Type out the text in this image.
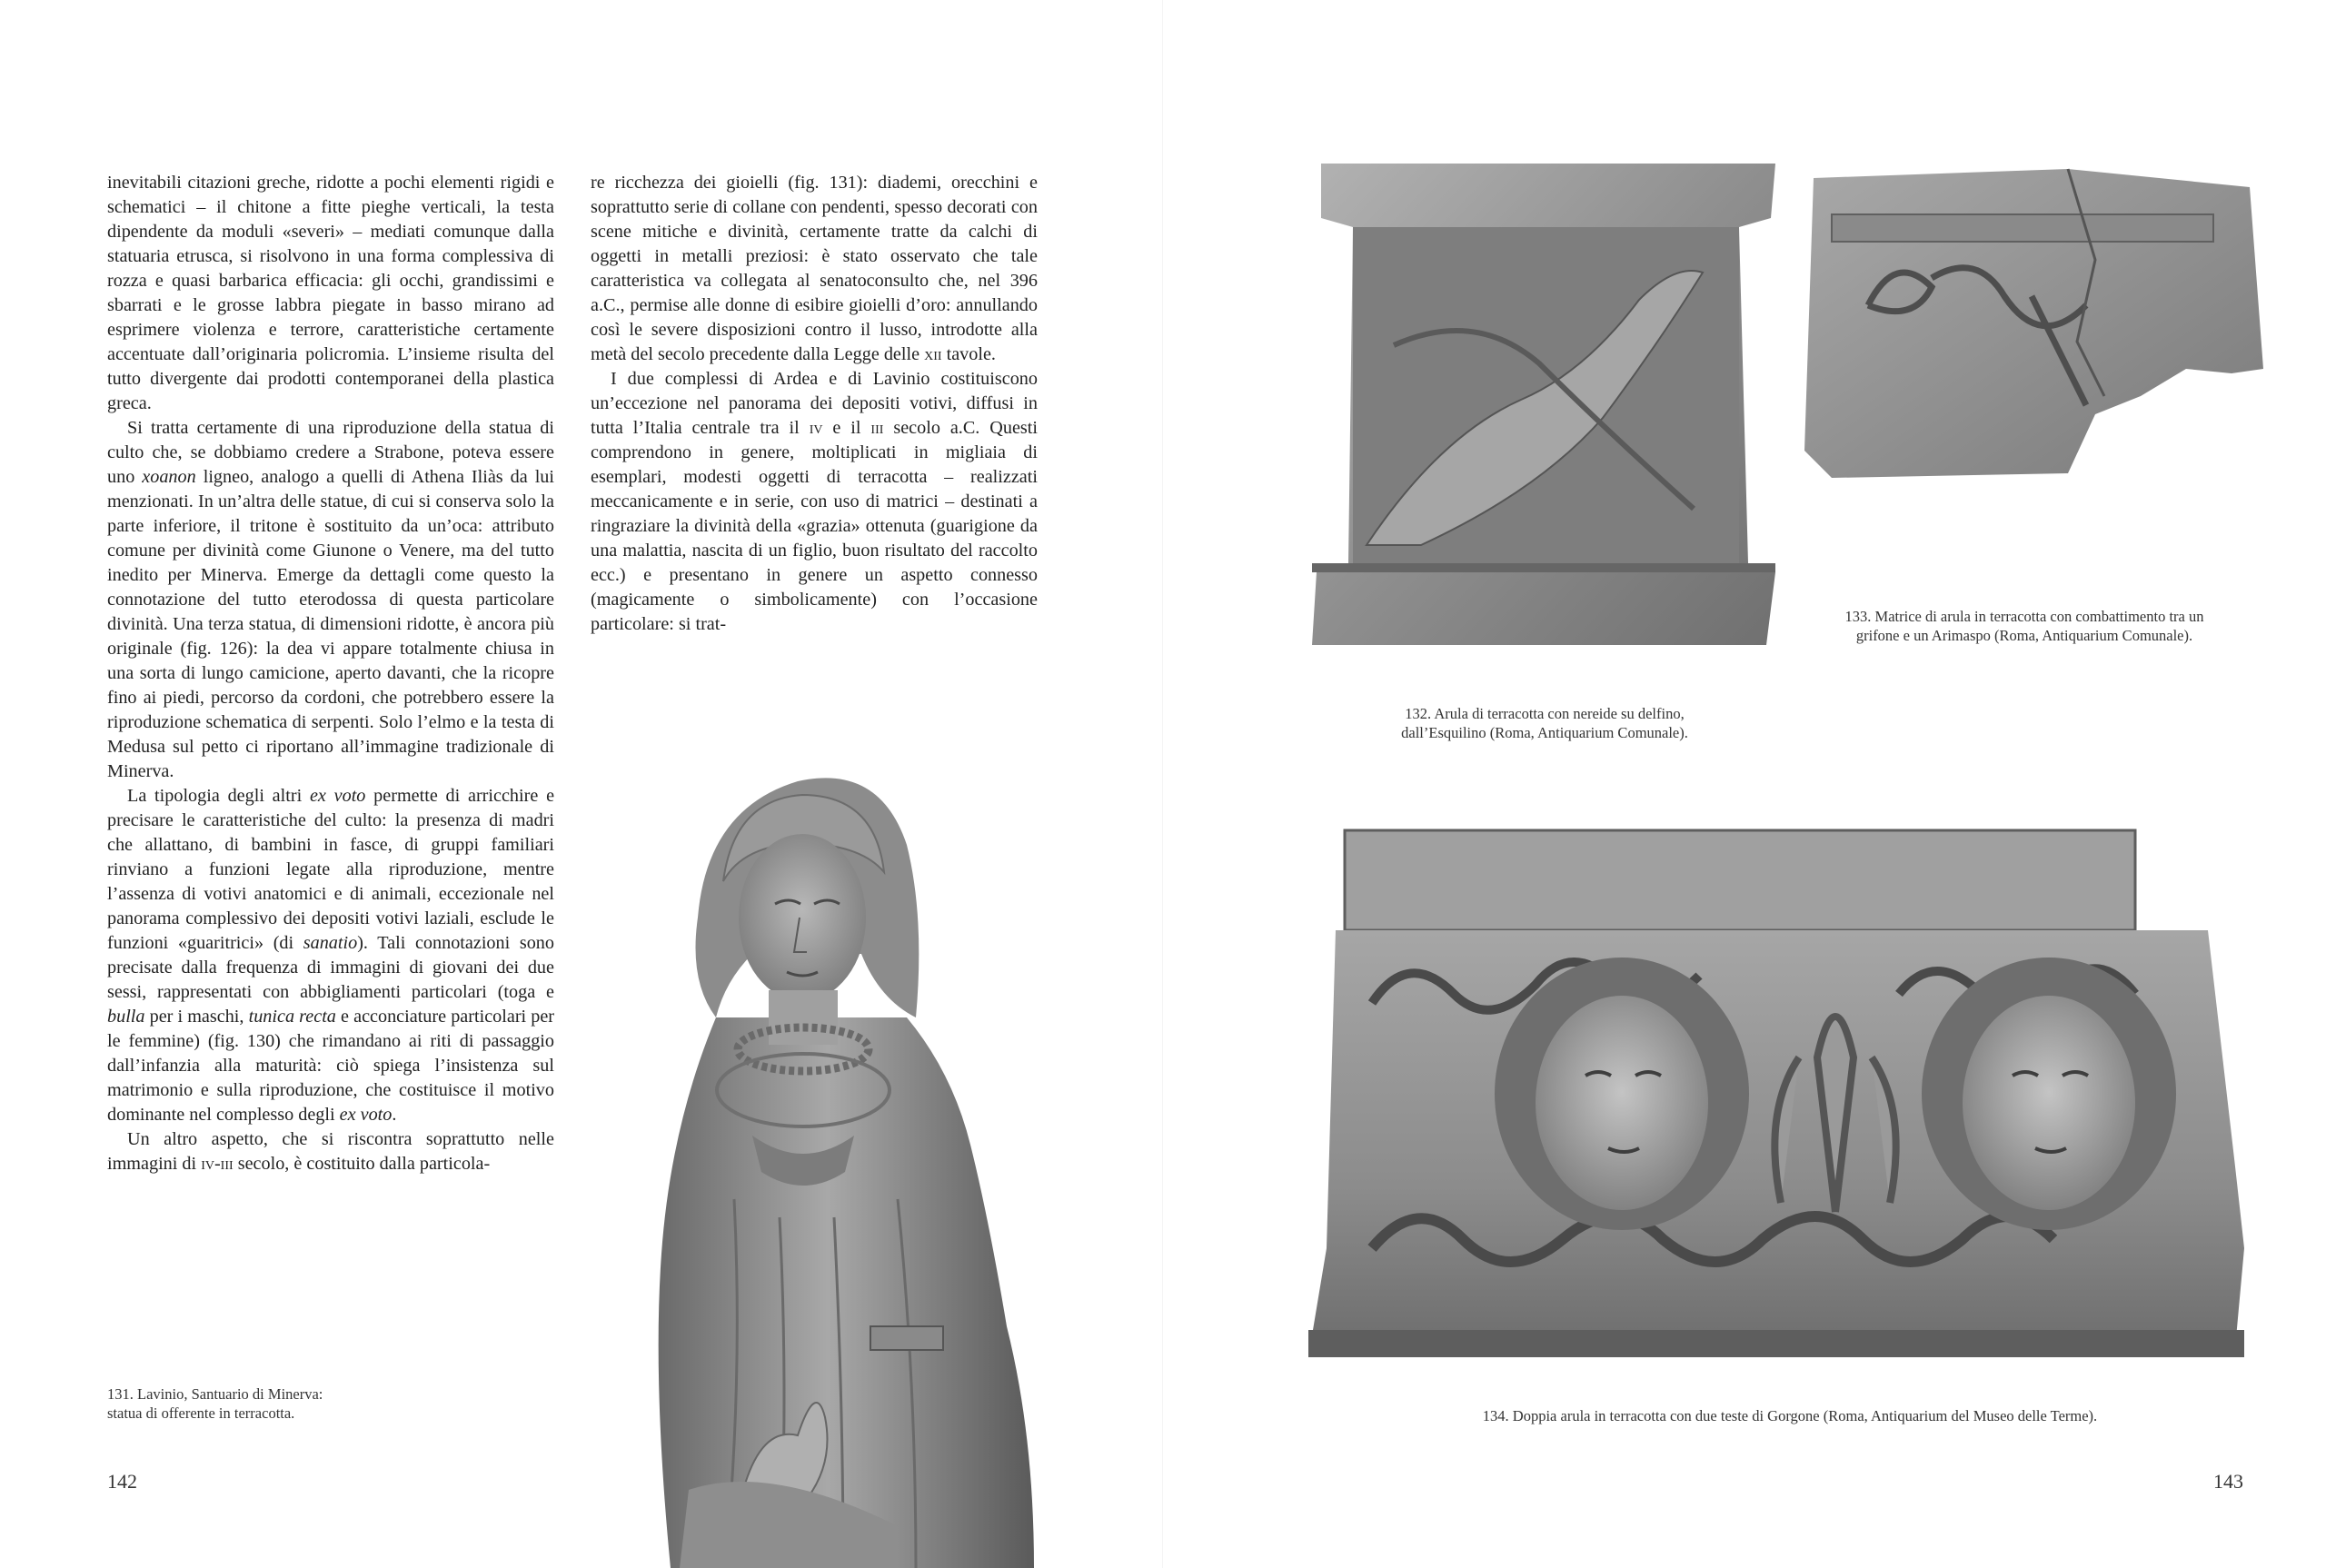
inevitabili citazioni greche, ridotte a pochi elementi rigidi e schematici – il chitone a fitte pieghe verticali, la testa dipendente da moduli «severi» – mediati comunque dalla statuaria etrusca, si risolvono in una forma complessiva di rozza e quasi barbarica efficacia: gli occhi, grandissimi e sbarrati e le grosse labbra piegate in basso mirano ad esprimere violenza e terrore, caratteristiche certamente accentuate dall’originaria policromia. L’insieme risulta del tutto divergente dai prodotti contemporanei della plastica greca.

Si tratta certamente di una riproduzione della statua di culto che, se dobbiamo credere a Strabone, poteva essere uno xoanon ligneo, analogo a quelli di Athena Iliàs da lui menzionati. In un’altra delle statue, di cui si conserva solo la parte inferiore, il tritone è sostituito da un’oca: attributo comune per divinità come Giunone o Venere, ma del tutto inedito per Minerva. Emerge da dettagli come questo la connotazione del tutto eterodossa di questa particolare divinità. Una terza statua, di dimensioni ridotte, è ancora più originale (fig. 126): la dea vi appare totalmente chiusa in una sorta di lungo camicione, aperto davanti, che la ricopre fino ai piedi, percorso da cordoni, che potrebbero essere la riproduzione schematica di serpenti. Solo l’elmo e la testa di Medusa sul petto ci riportano all’immagine tradizionale di Minerva.

La tipologia degli altri ex voto permette di arricchire e precisare le caratteristiche del culto: la presenza di madri che allattano, di bambini in fasce, di gruppi familiari rinviano a funzioni legate alla riproduzione, mentre l’assenza di votivi anatomici e di animali, eccezionale nel panorama complessivo dei depositi votivi laziali, esclude le funzioni «guaritrici» (di sanatio). Tali connotazioni sono precisate dalla frequenza di immagini di giovani dei due sessi, rappresentati con abbigliamenti particolari (toga e bulla per i maschi, tunica recta e acconciature particolari per le femmine) (fig. 130) che rimandano ai riti di passaggio dall’infanzia alla maturità: ciò spiega l’insistenza sul matrimonio e sulla riproduzione, che costituisce il motivo dominante nel complesso degli ex voto.

Un altro aspetto, che si riscontra soprattutto nelle immagini di iv-iii secolo, è costituito dalla particola-

re ricchezza dei gioielli (fig. 131): diademi, orecchini e soprattutto serie di collane con pendenti, spesso decorati con scene mitiche e divinità, certamente tratte da calchi di oggetti in metalli preziosi: è stato osservato che tale caratteristica va collegata al senatoconsulto che, nel 396 a.C., permise alle donne di esibire gioielli d’oro: annullando così le severe disposizioni contro il lusso, introdotte alla metà del secolo precedente dalla Legge delle xii tavole.

I due complessi di Ardea e di Lavinio costituiscono un’eccezione nel panorama dei depositi votivi, diffusi in tutta l’Italia centrale tra il iv e il iii secolo a.C. Questi comprendono in genere, moltiplicati in migliaia di esemplari, modesti oggetti di terracotta – realizzati meccanicamente e in serie, con uso di matrici – destinati a ringraziare la divinità della «grazia» ottenuta (guarigione da una malattia, nascita di un figlio, buon risultato del raccolto ecc.) e presentano in genere un aspetto connesso (magicamente o simbolicamente) con l’occasione particolare: si trat-

131. Lavinio, Santuario di Minerva:
statua di offerente in terracotta.
142
133. Matrice di arula in terracotta con combattimento tra un
grifone e un Arimaspo (Roma, Antiquarium Comunale).
132. Arula di terracotta con nereide su delfino,
dall’Esquilino (Roma, Antiquarium Comunale).
134. Doppia arula in terracotta con due teste di Gorgone (Roma, Antiquarium del Museo delle Terme).
143
